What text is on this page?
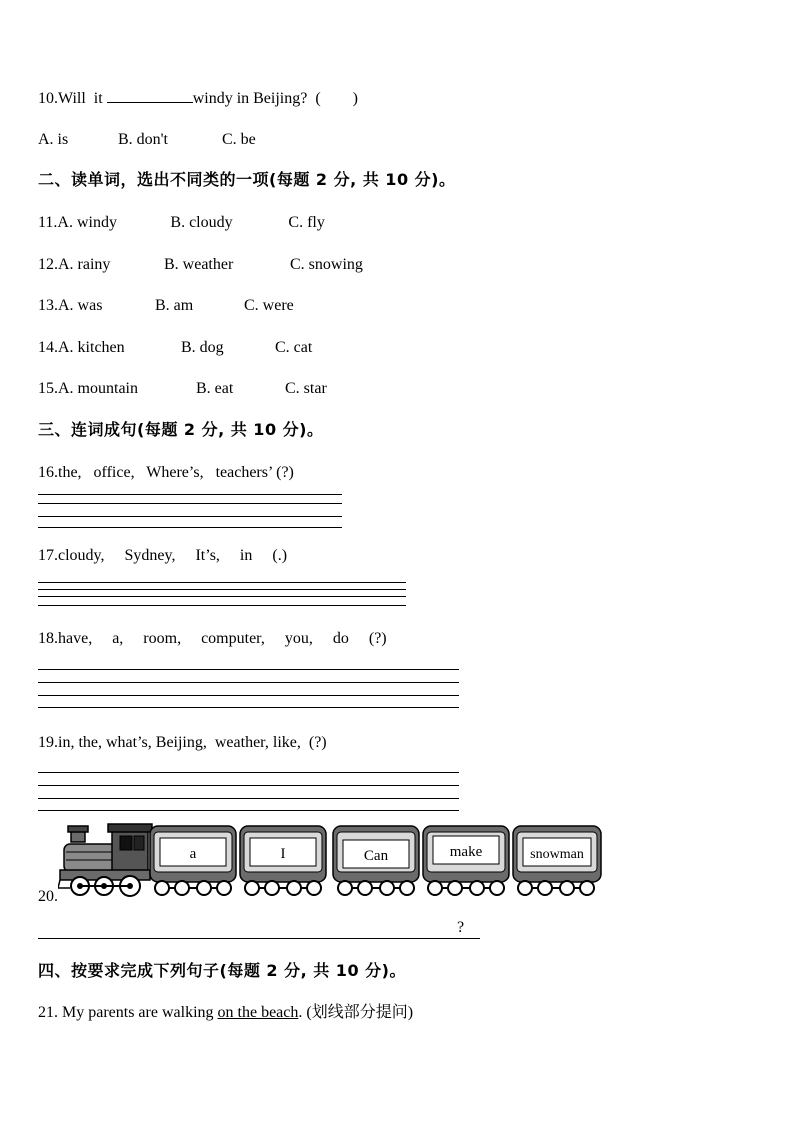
10.Will  it	windy in Beijing?  (        )
A. is	B. don't	C. be
二、读单词，选出不同类的一项(每题 2 分, 共 10 分)。
11.A. windy	B. cloudy	C. fly
12.A. rainy	B. weather	C. snowing
13.A. was	B. am	C. were
14.A. kitchen	B. dog	C. cat
15.A. mountain	B. eat	C. star
三、连词成句(每题 2 分, 共 10 分)。
16.the,   office,   Where’s,   teachers’ (?)
17.cloudy,     Sydney,     It’s,     in     (.)
18.have,     a,     room,     computer,     you,     do     (?)
19.in, the, what’s, Beijing,  weather, like,  (?)
20.
a	I	Can	make	snowman
?
四、按要求完成下列句子(每题 2 分, 共 10 分)。
21. My parents are walking on the beach. (划线部分提问)
